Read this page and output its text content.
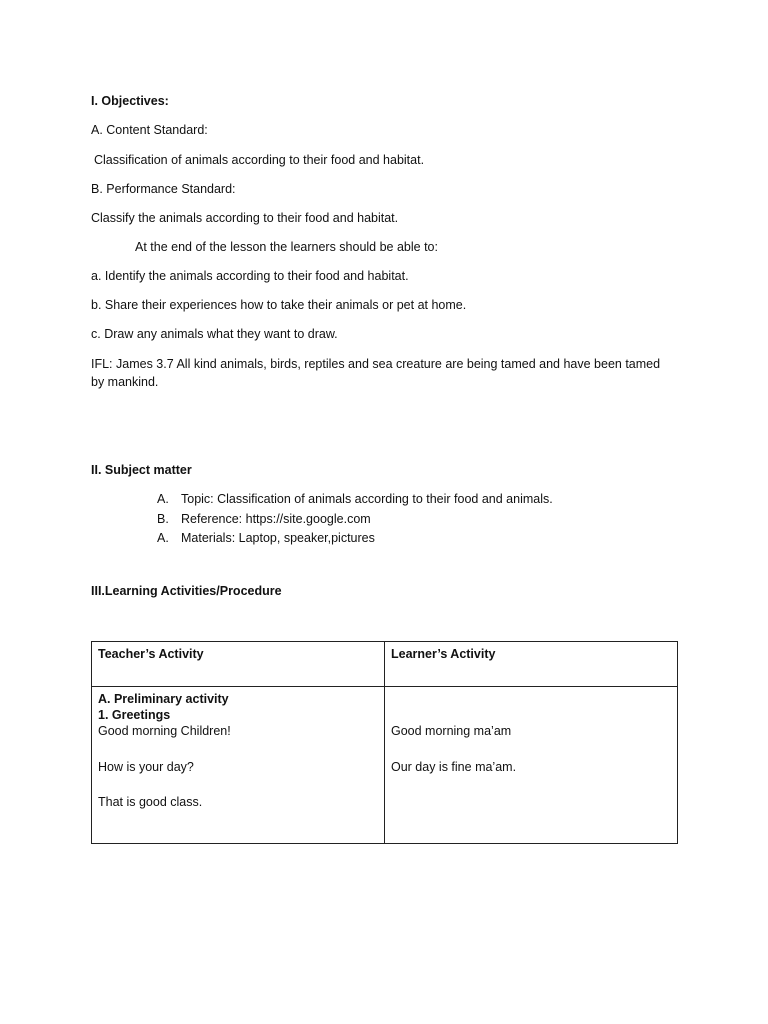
I. Objectives:
A. Content Standard:
Classification of animals according to their food and habitat.
B. Performance Standard:
Classify the animals according to their food and habitat.
At the end of the lesson the learners should be able to:
a. Identify the animals according to their food and habitat.
b. Share their experiences how to take their animals or pet at home.
c. Draw any animals what they want to draw.
IFL: James 3.7 All kind animals, birds, reptiles and sea creature are being tamed and have been tamed
by mankind.
II. Subject matter
A. Topic: Classification of animals according to their food and animals.
B. Reference: https://site.google.com
A. Materials: Laptop, speaker,pictures
III.Learning Activities/Procedure
Teacher’s Activity	Learner’s Activity

A. Preliminary activity
1. Greetings
Good morning Children!
How is your day?
That is good class.	Good morning ma’am
Our day is fine ma’am.
